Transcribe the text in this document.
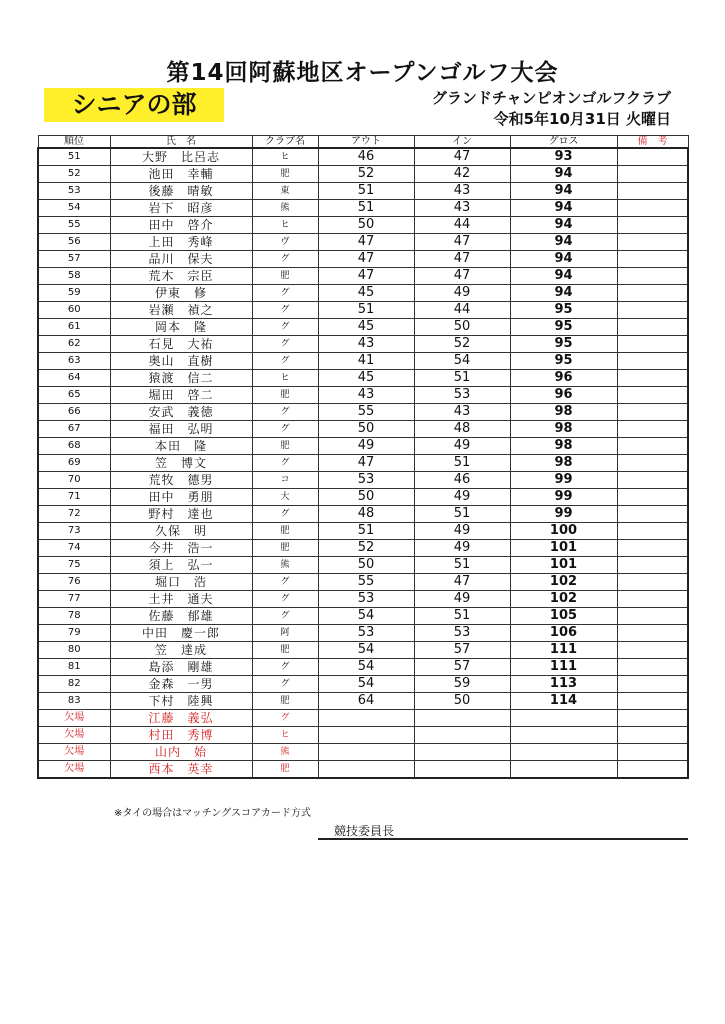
第14回阿蘇地区オープンゴルフ大会
シニアの部	グランドチャンピオンゴルフクラブ
令和5年10月31日 火曜日
順位	氏　名	クラブ名	アウト	イン	グロス	備　考
51	大野　比呂志	ヒ	46	47	93	
52	池田　幸輔	肥	52	42	94	
53	後藤　晴敏	東	51	43	94	
54	岩下　昭彦	熊	51	43	94	
55	田中　啓介	ヒ	50	44	94	
56	上田　秀峰	ヴ	47	47	94	
57	品川　保夫	グ	47	47	94	
58	荒木　宗臣	肥	47	47	94	
59	伊東　修	グ	45	49	94	
60	岩瀬　禎之	グ	51	44	95	
61	岡本　隆	グ	45	50	95	
62	石見　大祐	グ	43	52	95	
63	奥山　直樹	グ	41	54	95	
64	猿渡　信二	ヒ	45	51	96	
65	堀田　啓二	肥	43	53	96	
66	安武　義徳	グ	55	43	98	
67	福田　弘明	グ	50	48	98	
68	本田　隆	肥	49	49	98	
69	笠　博文	グ	47	51	98	
70	荒牧　德男	コ	53	46	99	
71	田中　勇朋	大	50	49	99	
72	野村　達也	グ	48	51	99	
73	久保　明	肥	51	49	100	
74	今井　浩一	肥	52	49	101	
75	須上　弘一	熊	50	51	101	
76	堀口　浩	グ	55	47	102	
77	土井　通夫	グ	53	49	102	
78	佐藤　郁雄	グ	54	51	105	
79	中田　慶一郎	阿	53	53	106	
80	笠　達成	肥	54	57	111	
81	島添　剛雄	グ	54	57	111	
82	金森　一男	グ	54	59	113	
83	下村　陸興	肥	64	50	114	
欠場	江藤　義弘	グ				
欠場	村田　秀博	ヒ				
欠場	山内　始	熊				
欠場	西本　英幸	肥				
※タイの場合はマッチングスコアカード方式
競技委員長
